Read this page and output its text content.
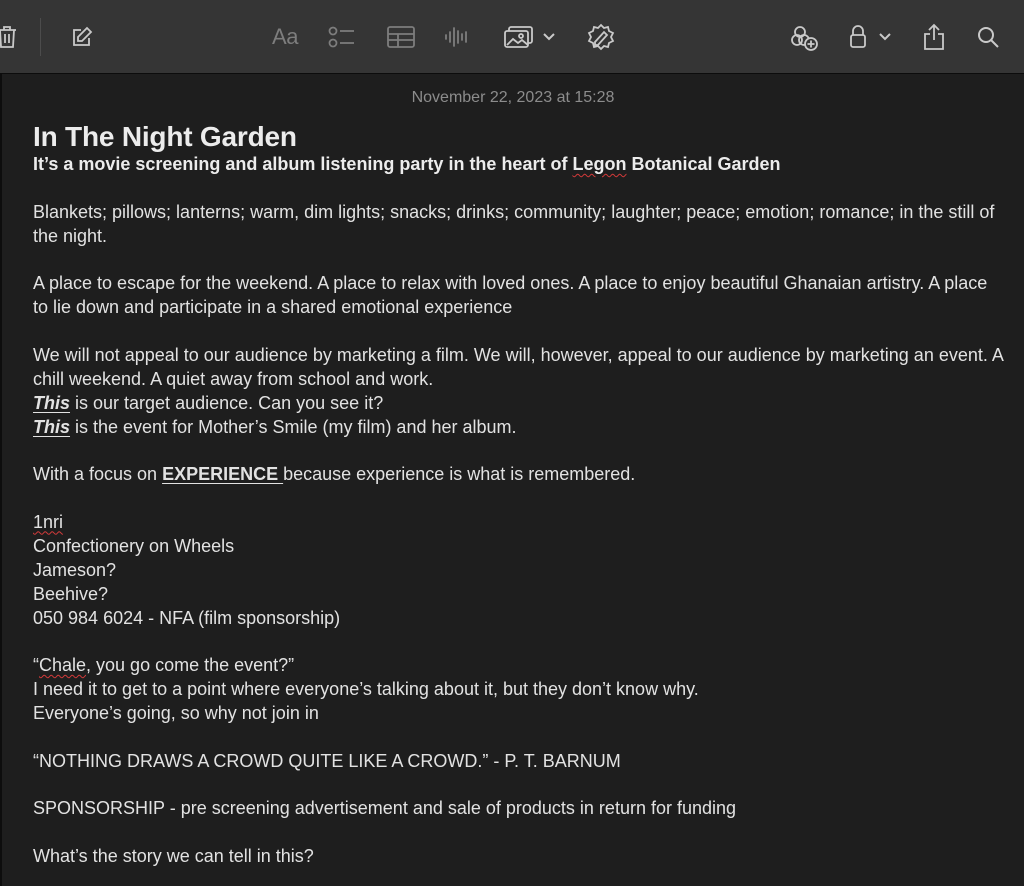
Aa
November 22, 2023 at 15:28
In The Night Garden
It’s a movie screening and album listening party in the heart of Legon Botanical Garden

Blankets; pillows; lanterns; warm, dim lights; snacks; drinks; community; laughter; peace; emotion; romance; in the still of the night.

A place to escape for the weekend. A place to relax with loved ones. A place to enjoy beautiful Ghanaian artistry. A place to lie down and participate in a shared emotional experience

We will not appeal to our audience by marketing a film. We will, however, appeal to our audience by marketing an event. A chill weekend. A quiet away from school and work.

This is our target audience. Can you see it?

This is the event for Mother’s Smile (my film) and her album.

With a focus on EXPERIENCE because experience is what is remembered.

1nri

Confectionery on Wheels

Jameson?

Beehive?

050 984 6024 - NFA (film sponsorship)

“Chale, you go come the event?”

I need it to get to a point where everyone’s talking about it, but they don’t know why.

Everyone’s going, so why not join in

“NOTHING DRAWS A CROWD QUITE LIKE A CROWD.” - P. T. BARNUM

SPONSORSHIP - pre screening advertisement and sale of products in return for funding

What’s the story we can tell in this?
